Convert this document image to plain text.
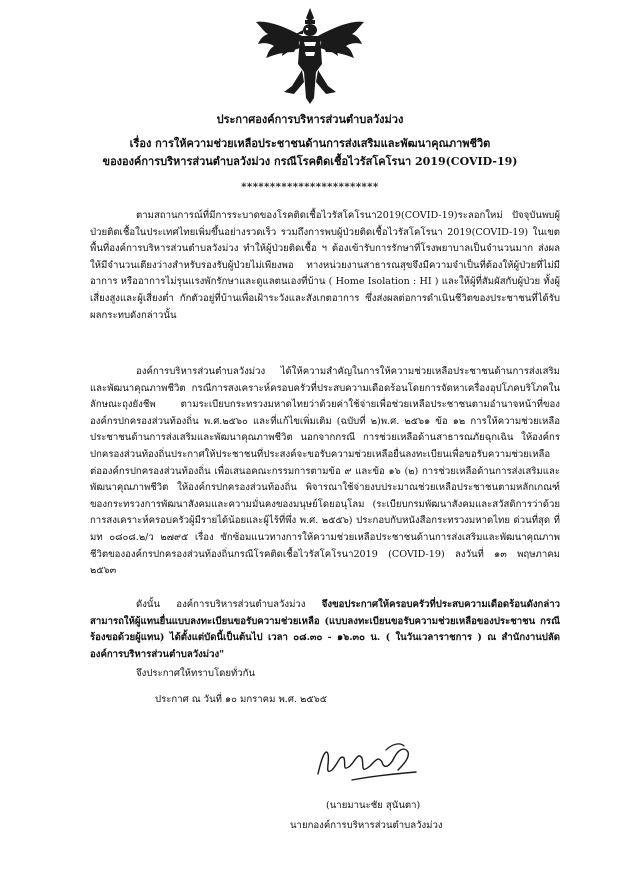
ประกาศองค์การบริหารส่วนตำบลวังม่วง
เรื่อง การให้ความช่วยเหลือประชาชนด้านการส่งเสริมและพัฒนาคุณภาพชีวิต
ขององค์การบริหารส่วนตำบลวังม่วง กรณีโรคติดเชื้อไวรัสโคโรนา 2019(COVID-19)
************************

ตามสถานการณ์ที่มีการระบาดของโรคติดเชื้อไวรัสโคโรนา2019(COVID-19)ระลอกใหม่ ปัจจุบันพบผู้ป่วยติดเชื้อในประเทศไทยเพิ่มขึ้นอย่างรวดเร็ว รวมถึงการพบผู้ป่วยติดเชื้อไวรัสโคโรนา 2019(COVID-19) ในเขตพื้นที่องค์การบริหารส่วนตำบลวังม่วง ทำให้ผู้ป่วยติดเชื้อ ฯ ต้องเข้ารับการรักษาที่โรงพยาบาลเป็นจำนวนมาก ส่งผลให้มีจำนวนเตียงว่างสำหรับรองรับผู้ป่วยไม่เพียงพอ ทางหน่วยงานสาธารณสุขจึงมีความจำเป็นที่ต้องให้ผู้ป่วยที่ไม่มีอาการ หรืออาการไม่รุนแรงพักรักษาและดูแลตนเองที่บ้าน ( Home Isolation : HI ) และให้ผู้ที่สัมผัสกับผู้ป่วย ทั้งผู้เสี่ยงสูงและผู้เสี่ยงต่ำ กักตัวอยู่ที่บ้านเพื่อเฝ้าระวังและสังเกตอาการ ซึ่งส่งผลต่อการดำเนินชีวิตของประชาชนที่ได้รับผลกระทบดังกล่าวนั้น

องค์การบริหารส่วนตำบลวังม่วง ได้ให้ความสำคัญในการให้ความช่วยเหลือประชาชนด้านการส่งเสริมและพัฒนาคุณภาพชีวิต กรณีการสงเคราะห์ครอบครัวที่ประสบความเดือดร้อนโดยการจัดหาเครื่องอุปโภคบริโภคในลักษณะถุงยังชีพ ตามระเบียบกระทรวงมหาดไทยว่าด้วยค่าใช้จ่ายเพื่อช่วยเหลือประชาชนตามอำนาจหน้าที่ขององค์กรปกครองส่วนท้องถิ่น พ.ศ.๒๕๖๐ และที่แก้ไขเพิ่มเติม (ฉบับที่ ๒)พ.ศ. ๒๕๖๑ ข้อ ๑๒ การให้ความช่วยเหลือประชาชนด้านการส่งเสริมและพัฒนาคุณภาพชีวิต นอกจากกรณี การช่วยเหลือด้านสาธารณภัยฉุกเฉิน ให้องค์กรปกครองส่วนท้องถิ่นประกาศให้ประชาชนที่ประสงค์จะขอรับความช่วยเหลือยื่นลงทะเบียนเพื่อขอรับความช่วยเหลือต่อองค์กรปกครองส่วนท้องถิ่น เพื่อเสนอคณะกรรมการตามข้อ ๙ และข้อ ๑๖ (๒) การช่วยเหลือด้านการส่งเสริมและพัฒนาคุณภาพชีวิต ให้องค์กรปกครองส่วนท้องถิ่น พิจารณาใช้จ่ายงบประมาณช่วยเหลือประชาชนตามหลักเกณฑ์ของกระทรวงการพัฒนาสังคมและความมั่นคงของมนุษย์โดยอนุโลม (ระเบียบกรมพัฒนาสังคมและสวัสดิการว่าด้วยการสงเคราะห์ครอบครัวผู้มีรายได้น้อยและผู้ไร้ที่พึ่ง พ.ศ. ๒๕๕๖) ประกอบกับหนังสือกระทรวงมหาดไทย ด่วนที่สุด ที่ มท ๐๘๐๘.๒/ว ๒๗๙๕ เรื่อง ซักซ้อมแนวทางการให้ความช่วยเหลือประชาชนด้านการส่งเสริมและพัฒนาคุณภาพชีวิตขององค์กรปกครองส่วนท้องถิ่นกรณีโรคติดเชื้อไวรัสโคโรนา2019 (COVID-19) ลงวันที่ ๑๓ พฤษภาคม ๒๕๖๓

ดังนั้น องค์การบริหารส่วนตำบลวังม่วง จึงขอประกาศให้ครอบครัวที่ประสบความเดือดร้อนดังกล่าว สามารถให้ผู้แทนยื่นแบบลงทะเบียนขอรับความช่วยเหลือ (แบบลงทะเบียนขอรับความช่วยเหลือของประชาชน กรณีร้องขอด้วยผู้แทน) ได้ตั้งแต่บัดนี้เป็นต้นไป เวลา ๐๘.๓๐ - ๑๖.๓๐ น. ( ในวันเวลาราชการ ) ณ สำนักงานปลัด องค์การบริหารส่วนตำบลวังม่วง"

จึงประกาศให้ทราบโดยทั่วกัน
ประกาศ ณ วันที่ ๑๐ มกราคม พ.ศ. ๒๕๖๕
(นายมานะชัย สุนันตา)
นายกองค์การบริหารส่วนตำบลวังม่วง
